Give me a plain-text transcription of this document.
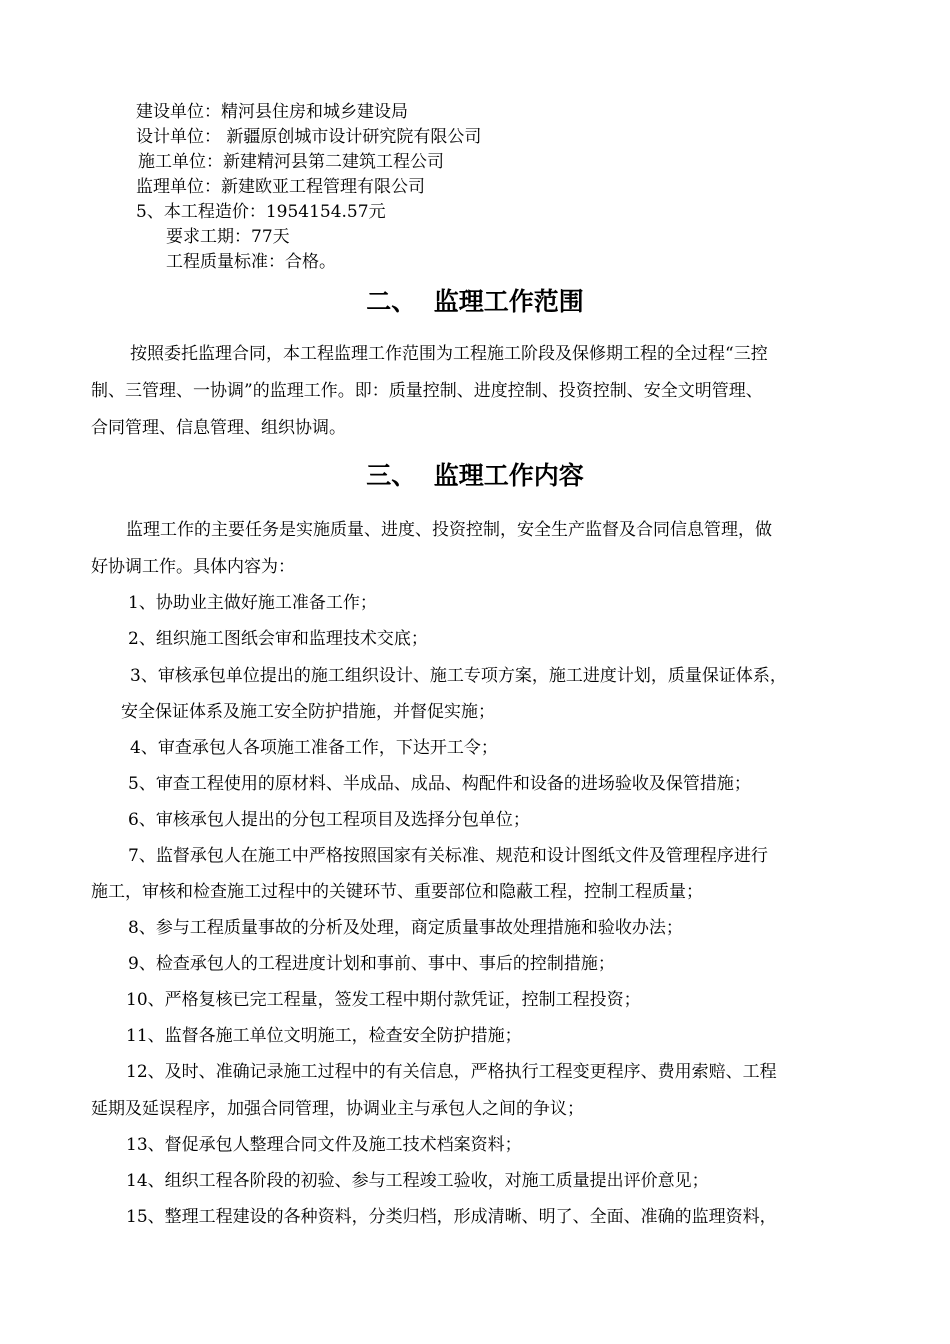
建设单位：精河县住房和城乡建设局
设计单位： 新疆原创城市设计研究院有限公司
施工单位：新建精河县第二建筑工程公司
监理单位：新建欧亚工程管理有限公司
5、本工程造价：1954154.57元
要求工期：77天
工程质量标准：合格。
二、  监理工作范围
按照委托监理合同，本工程监理工作范围为工程施工阶段及保修期工程的全过程“三控
制、三管理、一协调”的监理工作。即：质量控制、进度控制、投资控制、安全文明管理、
合同管理、信息管理、组织协调。
三、  监理工作内容
监理工作的主要任务是实施质量、进度、投资控制，安全生产监督及合同信息管理，做
好协调工作。具体内容为：
1、协助业主做好施工准备工作；
2、组织施工图纸会审和监理技术交底；
3、审核承包单位提出的施工组织设计、施工专项方案，施工进度计划，质量保证体系，
安全保证体系及施工安全防护措施，并督促实施；
4、审查承包人各项施工准备工作，下达开工令；
5、审查工程使用的原材料、半成品、成品、构配件和设备的进场验收及保管措施；
6、审核承包人提出的分包工程项目及选择分包单位；
7、监督承包人在施工中严格按照国家有关标准、规范和设计图纸文件及管理程序进行
施工，审核和检查施工过程中的关键环节、重要部位和隐蔽工程，控制工程质量；
8、参与工程质量事故的分析及处理，商定质量事故处理措施和验收办法；
9、检查承包人的工程进度计划和事前、事中、事后的控制措施；
10、严格复核已完工程量，签发工程中期付款凭证，控制工程投资；
11、监督各施工单位文明施工，检查安全防护措施；
12、及时、准确记录施工过程中的有关信息，严格执行工程变更程序、费用索赔、工程
延期及延误程序，加强合同管理，协调业主与承包人之间的争议；
13、督促承包人整理合同文件及施工技术档案资料；
14、组织工程各阶段的初验、参与工程竣工验收，对施工质量提出评价意见；
15、整理工程建设的各种资料，分类归档，形成清晰、明了、全面、准确的监理资料，
